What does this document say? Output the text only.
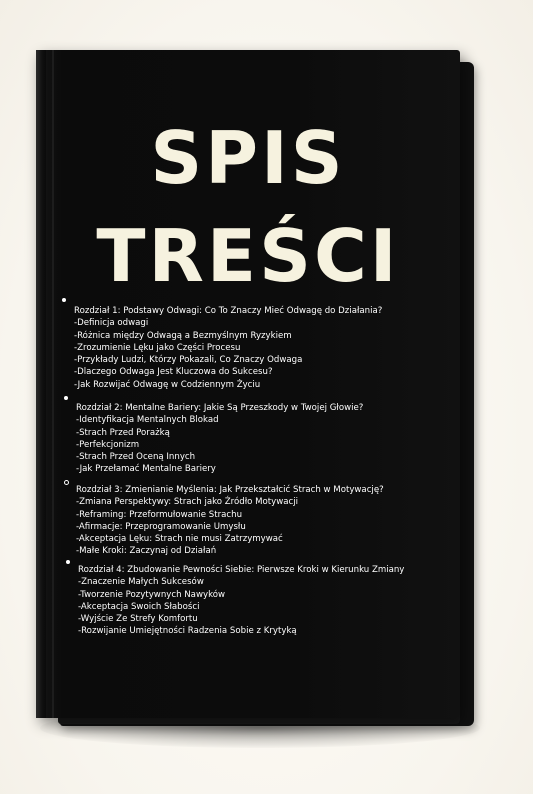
SPIS
TREŚCI
Rozdział 1: Podstawy Odwagi: Co To Znaczy Mieć Odwagę do Działania?
-Definicja odwagi
-Różnica między Odwagą a Bezmyślnym Ryzykiem
-Zrozumienie Lęku jako Części Procesu
-Przykłady Ludzi, Którzy Pokazali, Co Znaczy Odwaga
-Dlaczego Odwaga Jest Kluczowa do Sukcesu?
-Jak Rozwijać Odwagę w Codziennym Życiu
Rozdział 2: Mentalne Bariery: Jakie Są Przeszkody w Twojej Głowie?
-Identyfikacja Mentalnych Blokad
-Strach Przed Porażką
-Perfekcjonizm
-Strach Przed Oceną Innych
-Jak Przełamać Mentalne Bariery
Rozdział 3: Zmienianie Myślenia: Jak Przekształcić Strach w Motywację?
-Zmiana Perspektywy: Strach jako Źródło Motywacji
-Reframing: Przeformułowanie Strachu
-Afirmacje: Przeprogramowanie Umysłu
-Akceptacja Lęku: Strach nie musi Zatrzymywać
-Małe Kroki: Zaczynaj od Działań
Rozdział 4: Zbudowanie Pewności Siebie: Pierwsze Kroki w Kierunku Zmiany
-Znaczenie Małych Sukcesów
-Tworzenie Pozytywnych Nawyków
-Akceptacja Swoich Słabości
-Wyjście Ze Strefy Komfortu
-Rozwijanie Umiejętności Radzenia Sobie z Krytyką
